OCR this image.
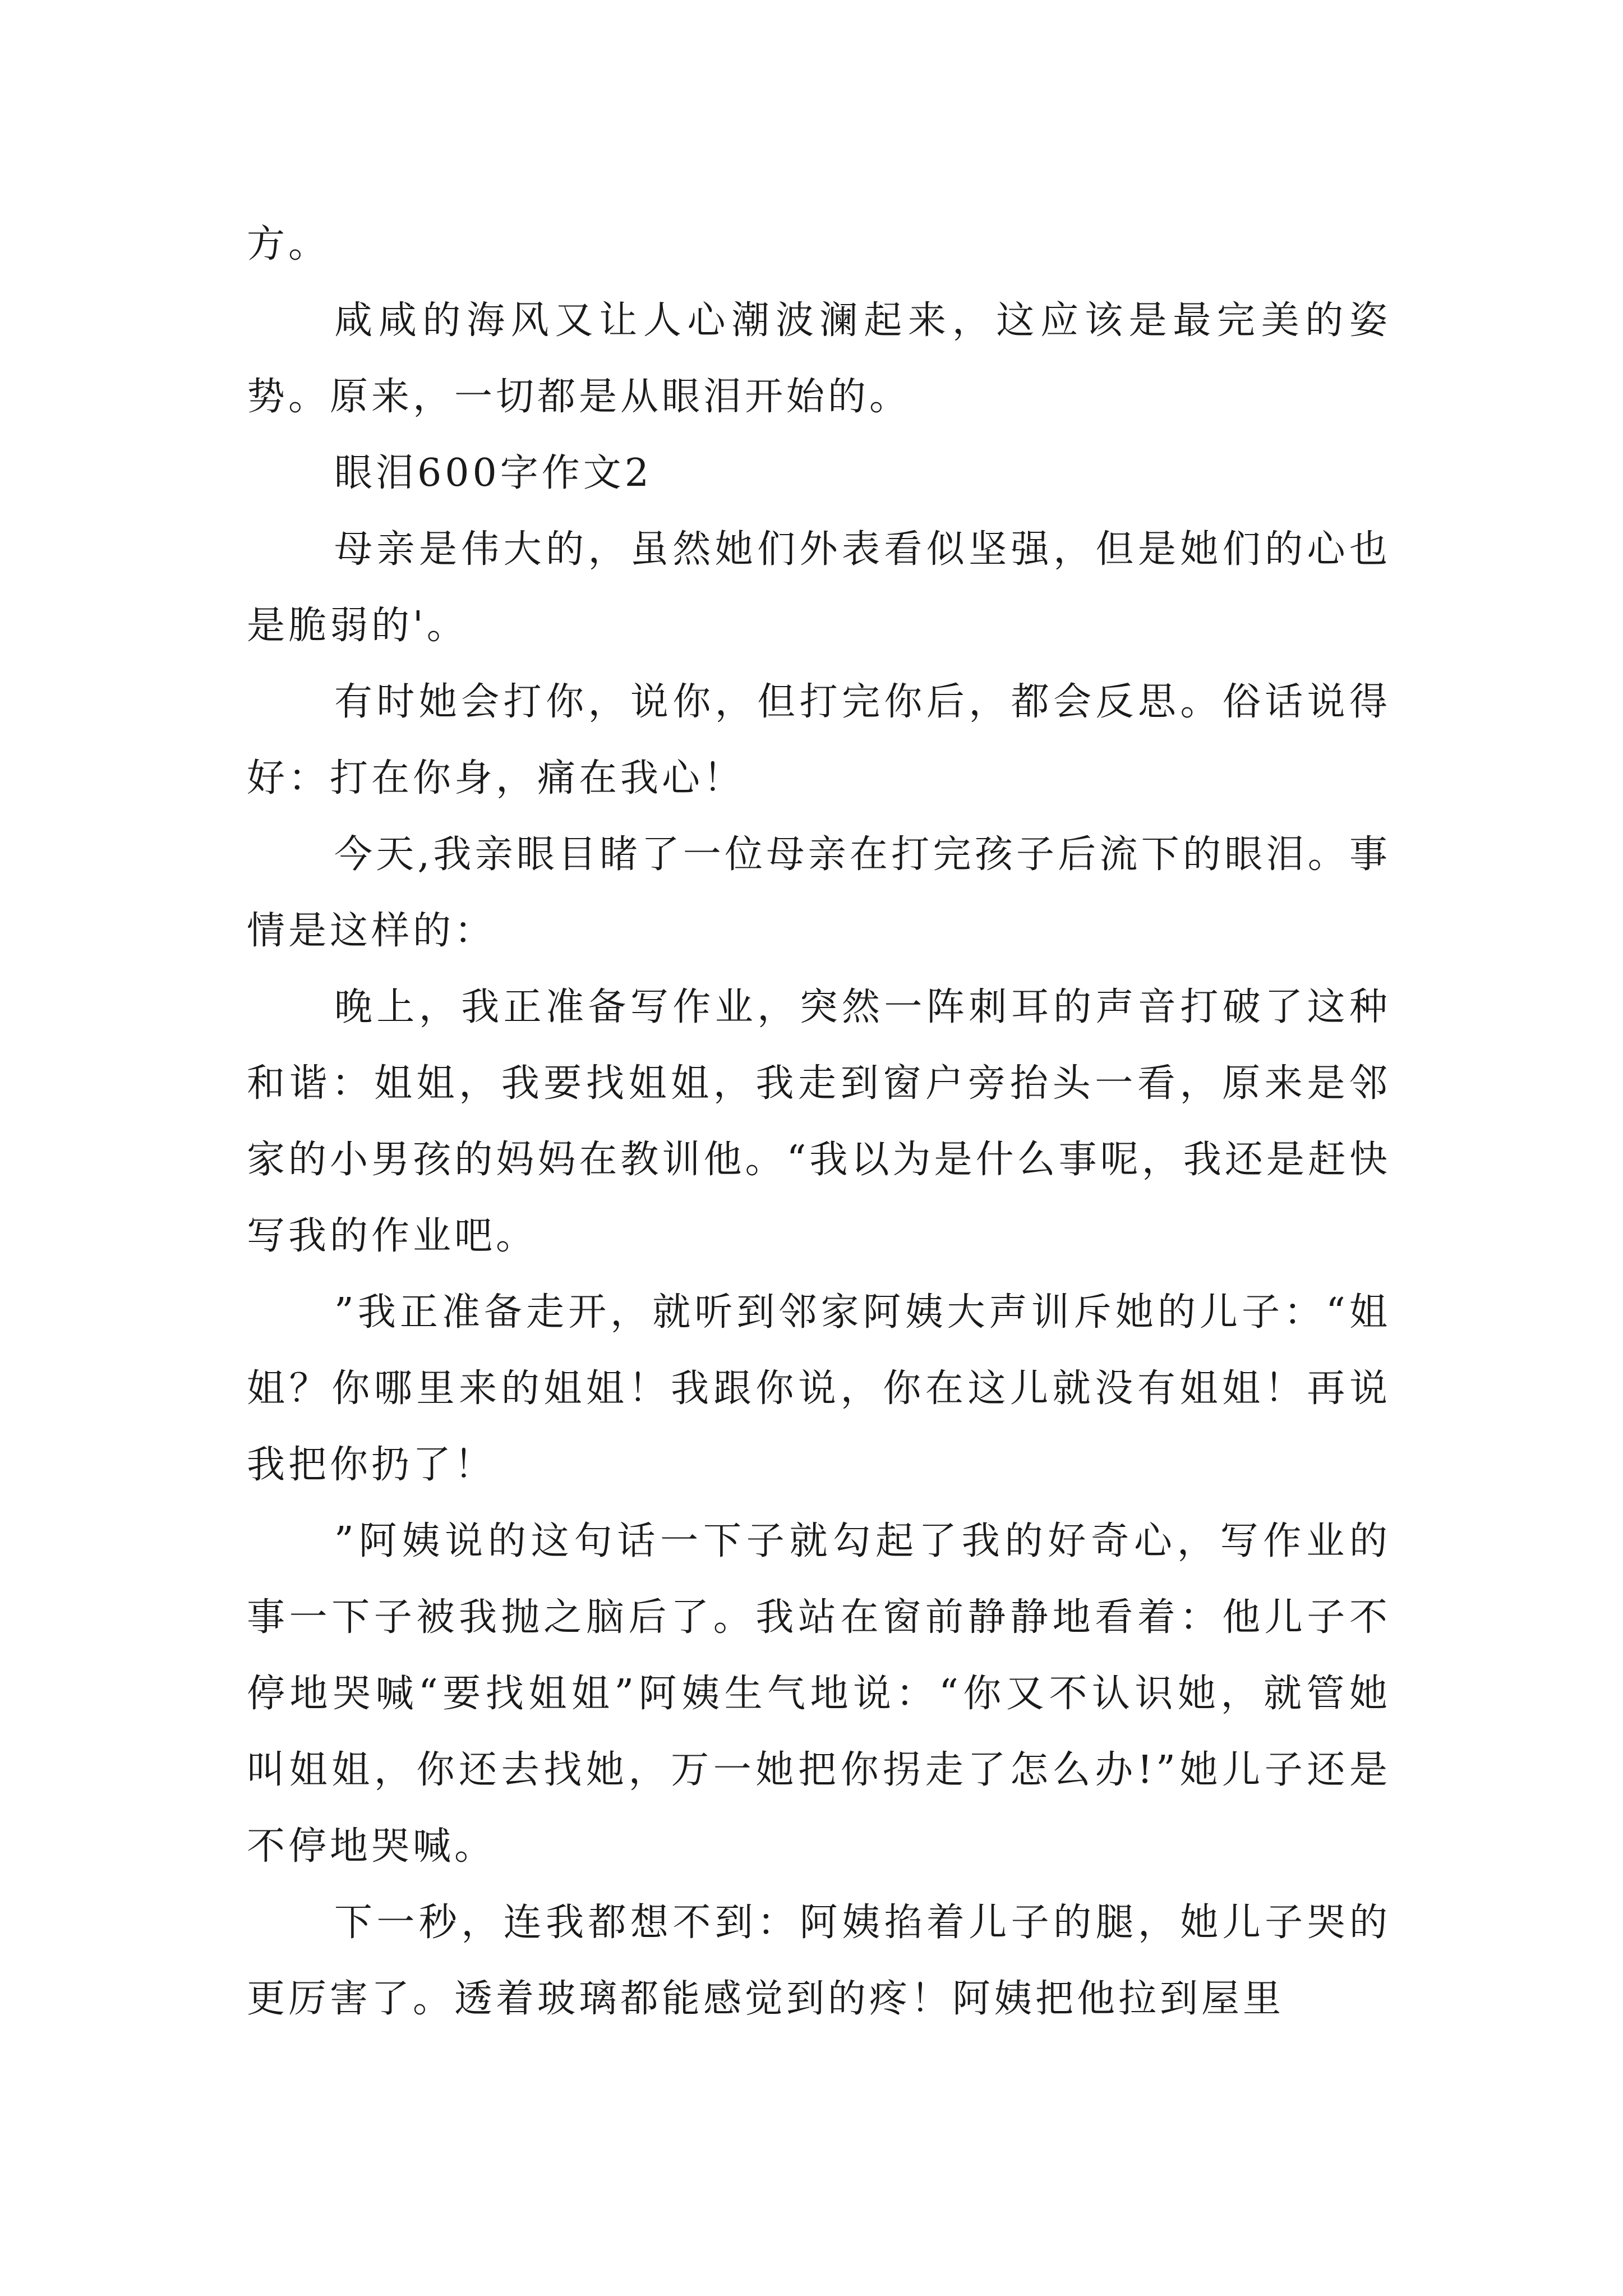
方。

咸咸的海风又让人心潮波澜起来，这应该是最完美的姿势。原来，一切都是从眼泪开始的。

眼泪600字作文2

母亲是伟大的，虽然她们外表看似坚强，但是她们的心也是脆弱的'。

有时她会打你，说你，但打完你后，都会反思。俗话说得好：打在你身，痛在我心！

今天,我亲眼目睹了一位母亲在打完孩子后流下的眼泪。事情是这样的：

晚上，我正准备写作业，突然一阵刺耳的声音打破了这种和谐：姐姐，我要找姐姐，我走到窗户旁抬头一看，原来是邻家的小男孩的妈妈在教训他。“我以为是什么事呢，我还是赶快写我的作业吧。

”我正准备走开，就听到邻家阿姨大声训斥她的儿子：“姐姐？你哪里来的姐姐！我跟你说，你在这儿就没有姐姐！再说我把你扔了！

”阿姨说的这句话一下子就勾起了我的好奇心，写作业的事一下子被我抛之脑后了。我站在窗前静静地看着：他儿子不停地哭喊“要找姐姐”阿姨生气地说：“你又不认识她，就管她叫姐姐，你还去找她，万一她把你拐走了怎么办!”她儿子还是不停地哭喊。

下一秒，连我都想不到：阿姨掐着儿子的腿，她儿子哭的更厉害了。透着玻璃都能感觉到的疼！阿姨把他拉到屋里
